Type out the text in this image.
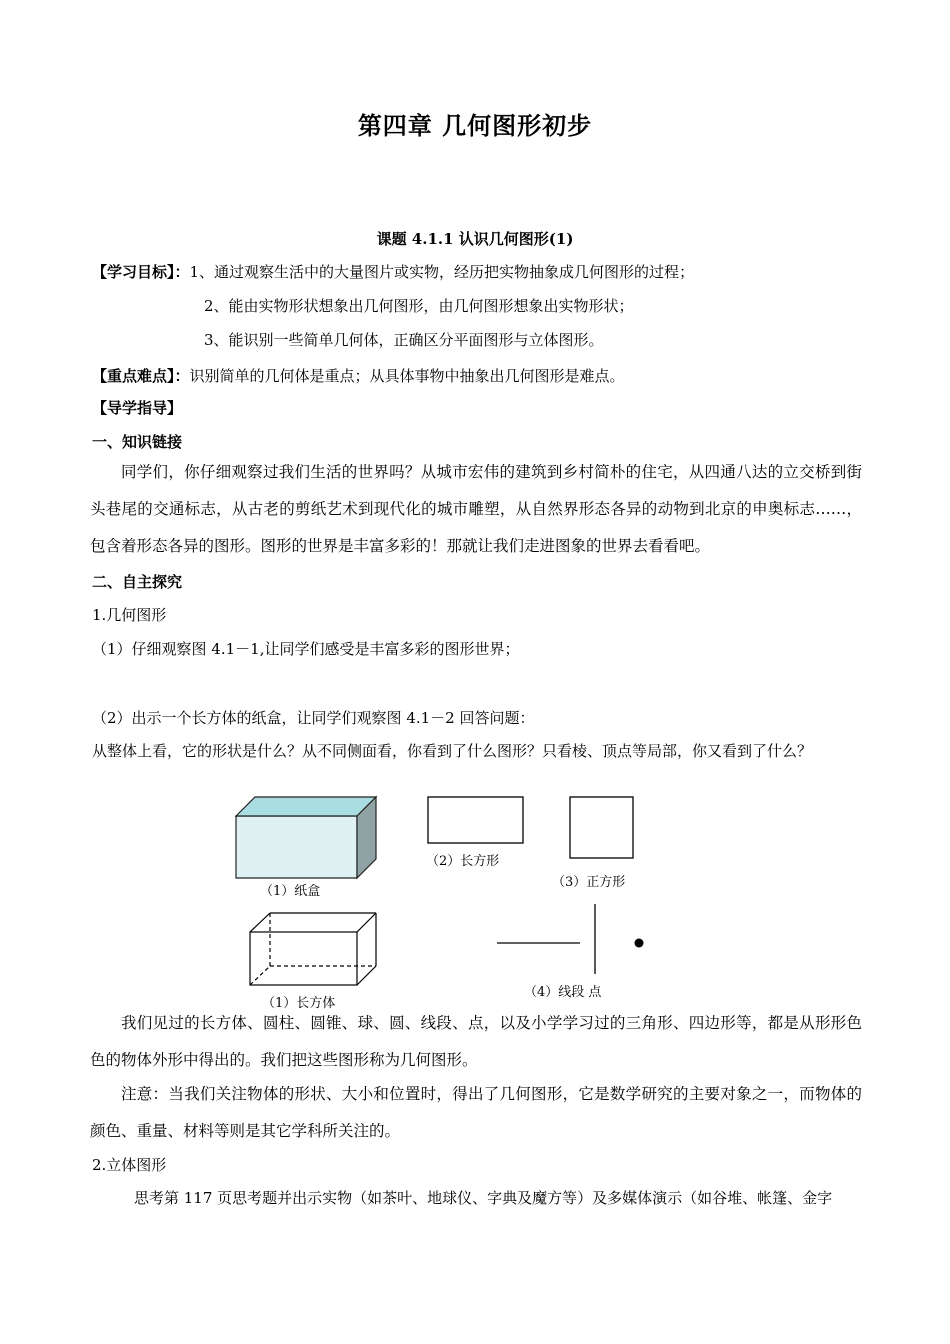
第四章 几何图形初步
课题 4.1.1 认识几何图形(1)
【学习目标】：1、通过观察生活中的大量图片或实物，经历把实物抽象成几何图形的过程；
2、能由实物形状想象出几何图形，由几何图形想象出实物形状；
3、能识别一些简单几何体，正确区分平面图形与立体图形。
【重点难点】：识别简单的几何体是重点；从具体事物中抽象出几何图形是难点。
【导学指导】
一、知识链接
同学们，你仔细观察过我们生活的世界吗？从城市宏伟的建筑到乡村简朴的住宅，从四通八达的立交桥到街头巷尾的交通标志，从古老的剪纸艺术到现代化的城市雕塑，从自然界形态各异的动物到北京的申奥标志……，包含着形态各异的图形。图形的世界是丰富多彩的！那就让我们走进图象的世界去看看吧。
二、自主探究
1.几何图形
（1）仔细观察图 4.1－1,让同学们感受是丰富多彩的图形世界；
（2）出示一个长方体的纸盒，让同学们观察图 4.1－2 回答问题：
从整体上看，它的形状是什么？从不同侧面看，你看到了什么图形？只看棱、顶点等局部，你又看到了什么？
（1）纸盒
（2）长方形
（3）正方形
（1）长方体
（4）线段 点
我们见过的长方体、圆柱、圆锥、球、圆、线段、点，以及小学学习过的三角形、四边形等，都是从形形色色的物体外形中得出的。我们把这些图形称为几何图形。
注意：当我们关注物体的形状、大小和位置时，得出了几何图形，它是数学研究的主要对象之一，而物体的颜色、重量、材料等则是其它学科所关注的。
2.立体图形
思考第 117 页思考题并出示实物（如茶叶、地球仪、字典及魔方等）及多媒体演示（如谷堆、帐篷、金字
